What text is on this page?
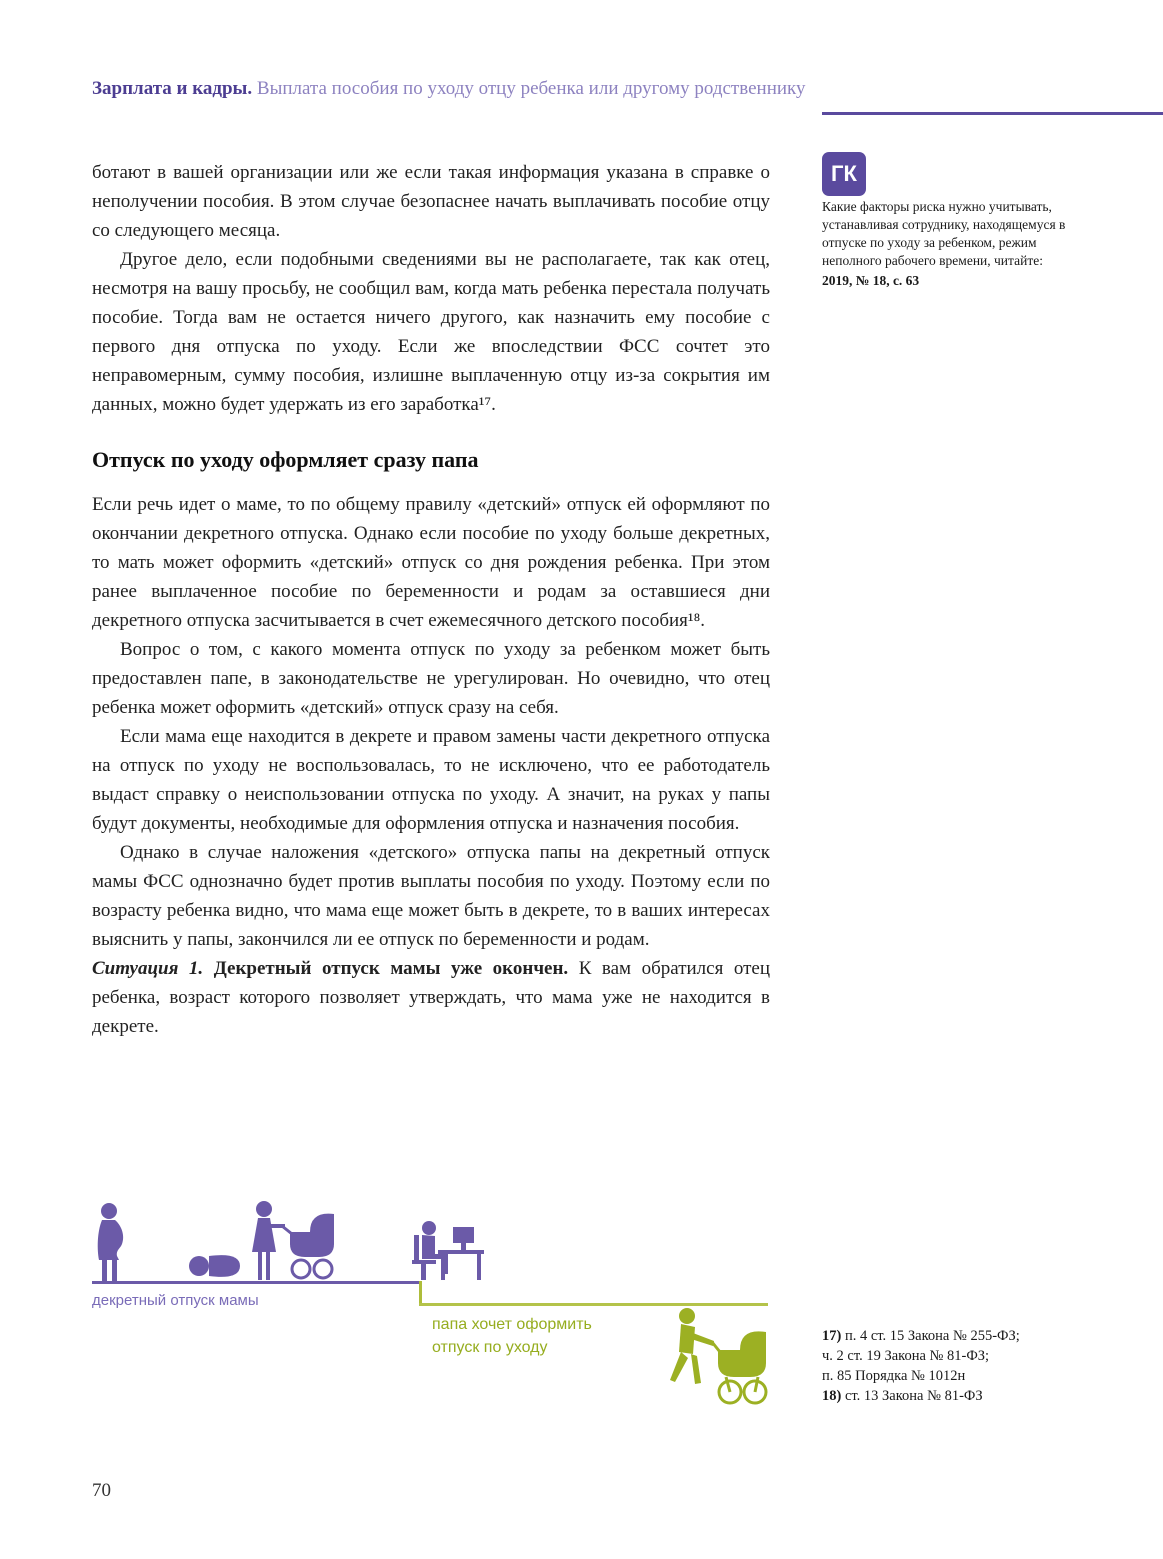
Зарплата и кадры. Выплата пособия по уходу отцу ребенка или другому родственнику
ГК
Какие факторы риска нужно учитывать, устанавливая сотруднику, находящемуся в отпуске по уходу за ребенком, режим неполного рабочего времени, читайте:
2019, № 18, с. 63

ботают в вашей организации или же если такая информация указана в справке о неполучении пособия. В этом случае безопаснее начать выплачивать пособие отцу со следующего месяца.

Другое дело, если подобными сведениями вы не располагаете, так как отец, несмотря на вашу просьбу, не сообщил вам, когда мать ребенка перестала получать пособие. Тогда вам не остается ничего другого, как назначить ему пособие с первого дня отпуска по уходу. Если же впоследствии ФСС сочтет это неправомерным, сумму пособия, излишне выплаченную отцу из-за сокрытия им данных, можно будет удержать из его заработка¹⁷.

Отпуск по уходу оформляет сразу папа

Если речь идет о маме, то по общему правилу «детский» отпуск ей оформляют по окончании декретного отпуска. Однако если пособие по уходу больше декретных, то мать может оформить «детский» отпуск со дня рождения ребенка. При этом ранее выплаченное пособие по беременности и родам за оставшиеся дни декретного отпуска засчитывается в счет ежемесячного детского пособия¹⁸.

Вопрос о том, с какого момента отпуск по уходу за ребенком может быть предоставлен папе, в законодательстве не урегулирован. Но очевидно, что отец ребенка может оформить «детский» отпуск сразу на себя.

Если мама еще находится в декрете и правом замены части декретного отпуска на отпуск по уходу не воспользовалась, то не исключено, что ее работодатель выдаст справку о неиспользовании отпуска по уходу. А значит, на руках у папы будут документы, необходимые для оформления отпуска и назначения пособия.

Однако в случае наложения «детского» отпуска папы на декретный отпуск мамы ФСС однозначно будет против выплаты пособия по уходу. Поэтому если по возрасту ребенка видно, что мама еще может быть в декрете, то в ваших интересах выяснить у папы, закончился ли ее отпуск по беременности и родам.

Ситуация 1. Декретный отпуск мамы уже окончен. К вам обратился отец ребенка, возраст которого позволяет утверждать, что мама уже не находится в декрете.

декретный отпуск мамы
папа хочет оформить
отпуск по уходу
17) п. 4 ст. 15 Закона № 255-ФЗ;
ч. 2 ст. 19 Закона № 81-ФЗ;
п. 85 Порядка № 1012н
18) ст. 13 Закона № 81-ФЗ
70
